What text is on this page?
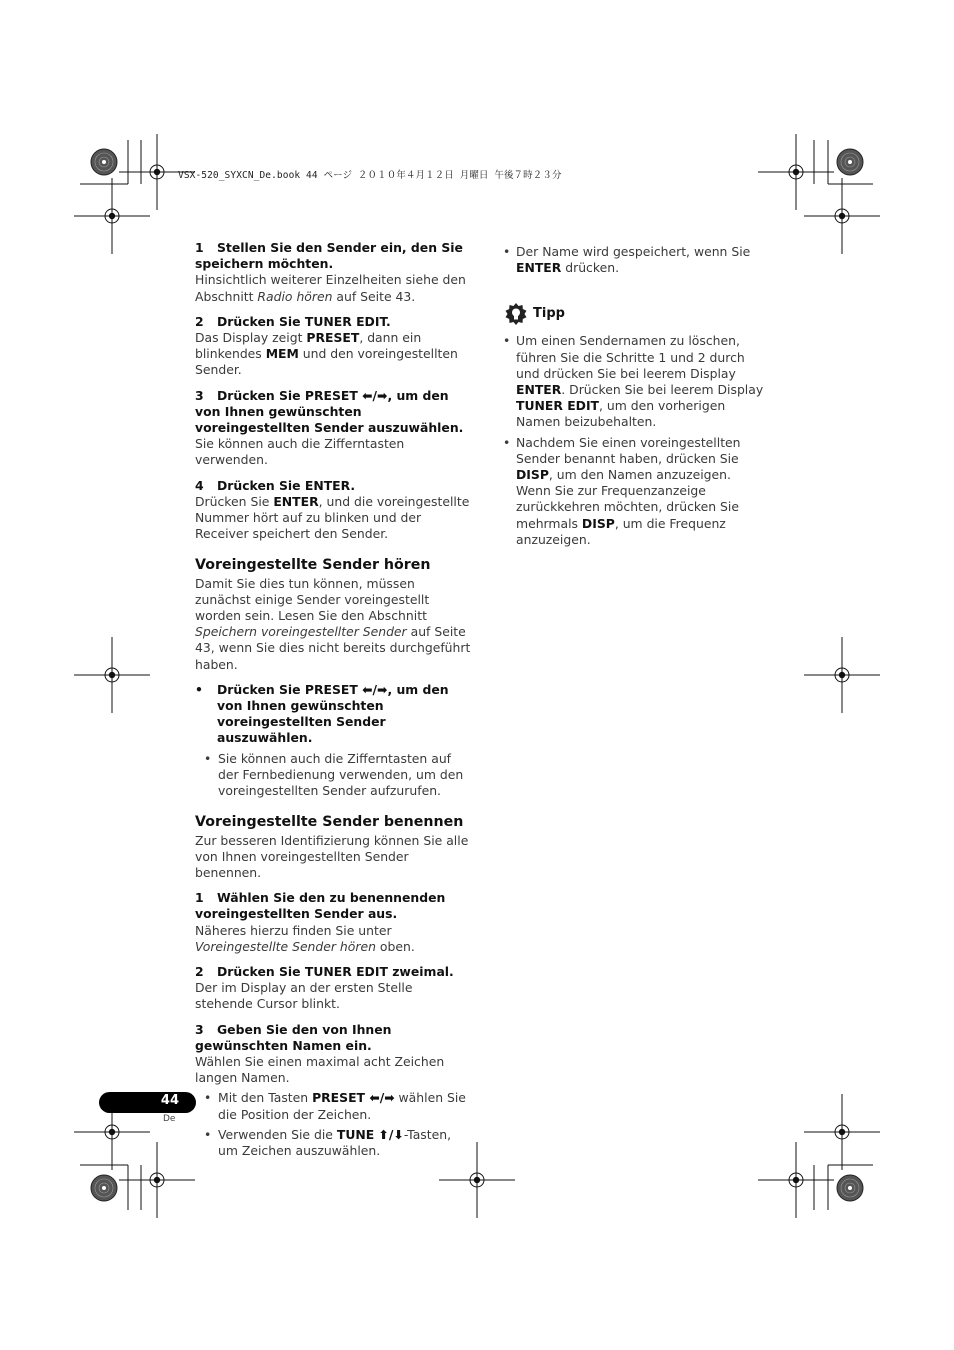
VSX-520_SYXCN_De.book 44 ページ ２０１０年４月１２日 月曜日 午後７時２３分
1 Stellen Sie den Sender ein, den Sie speichern möchten.

Hinsichtlich weiterer Einzelheiten siehe den Abschnitt Radio hören auf Seite 43.

2 Drücken Sie TUNER EDIT.

Das Display zeigt PRESET, dann ein blinkendes MEM und den voreingestellten Sender.

3 Drücken Sie PRESET ⬅/➡, um den von Ihnen gewünschten voreingestellten Sender auszuwählen.

Sie können auch die Zifferntasten verwenden.

4 Drücken Sie ENTER.

Drücken Sie ENTER, und die voreingestellte Nummer hört auf zu blinken und der Receiver speichert den Sender.

Voreingestellte Sender hören

Damit Sie dies tun können, müssen zunächst einige Sender voreingestellt worden sein. Lesen Sie den Abschnitt Speichern voreingestellter Sender auf Seite 43, wenn Sie dies nicht bereits durchgeführt haben.

• Drücken Sie PRESET ⬅/➡, um den von Ihnen gewünschten voreingestellten Sender auszuwählen.
• Sie können auch die Zifferntasten auf der Fernbedienung verwenden, um den voreingestellten Sender aufzurufen.
Voreingestellte Sender benennen

Zur besseren Identifizierung können Sie alle von Ihnen voreingestellten Sender benennen.

1 Wählen Sie den zu benennenden voreingestellten Sender aus.

Näheres hierzu finden Sie unter Voreingestellte Sender hören oben.

2 Drücken Sie TUNER EDIT zweimal.

Der im Display an der ersten Stelle stehende Cursor blinkt.

3 Geben Sie den von Ihnen gewünschten Namen ein.

Wählen Sie einen maximal acht Zeichen langen Namen.

• Mit den Tasten PRESET ⬅/➡ wählen Sie die Position der Zeichen.
• Verwenden Sie die TUNE ⬆/⬇-Tasten, um Zeichen auszuwählen.
• Der Name wird gespeichert, wenn Sie ENTER drücken.
Tipp
• Um einen Sendernamen zu löschen, führen Sie die Schritte 1 und 2 durch und drücken Sie bei leerem Display ENTER. Drücken Sie bei leerem Display TUNER EDIT, um den vorherigen Namen beizubehalten.
• Nachdem Sie einen voreingestellten Sender benannt haben, drücken Sie DISP, um den Namen anzuzeigen. Wenn Sie zur Frequenzanzeige zurückkehren möchten, drücken Sie mehrmals DISP, um die Frequenz anzuzeigen.
44
De
